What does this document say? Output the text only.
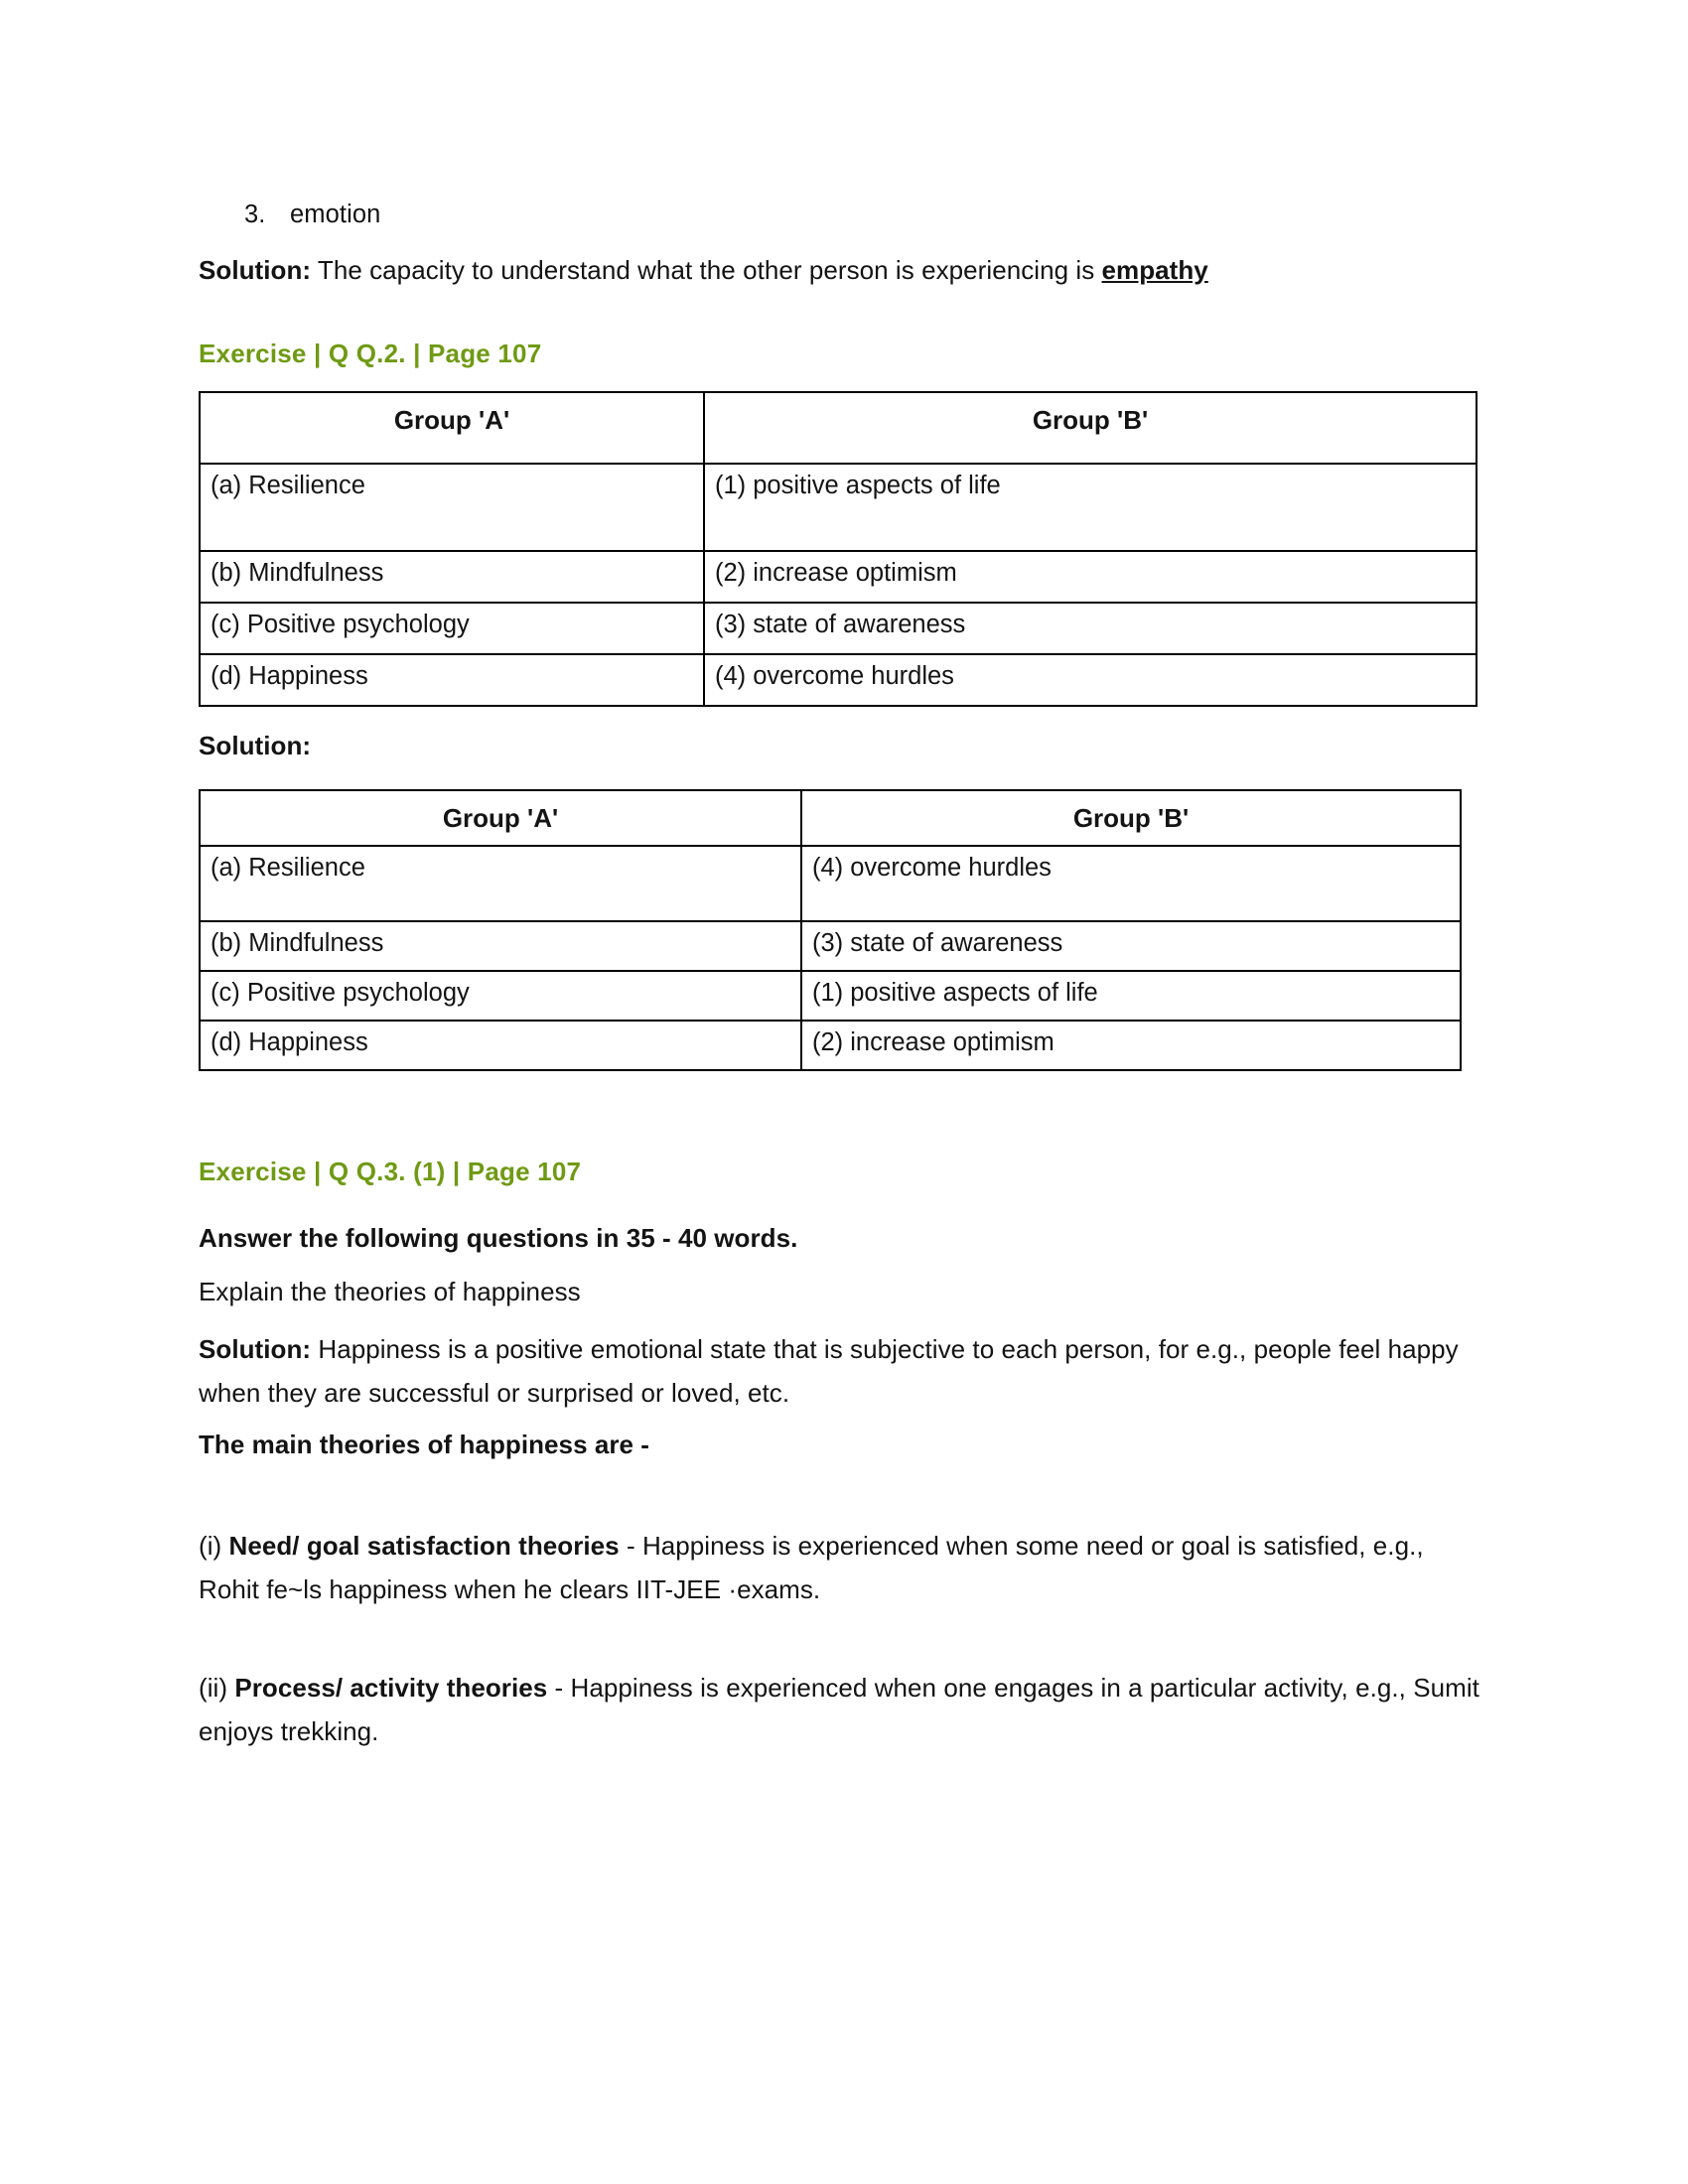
3. emotion

Solution: The capacity to understand what the other person is experiencing is empathy

Exercise | Q Q.2. | Page 107
Group 'A'	Group 'B'
(a) Resilience	(1) positive aspects of life
(b) Mindfulness	(2) increase optimism
(c) Positive psychology	(3) state of awareness
(d) Happiness	(4) overcome hurdles

Solution:

Group 'A'	Group 'B'
(a) Resilience	(4) overcome hurdles
(b) Mindfulness	(3) state of awareness
(c) Positive psychology	(1) positive aspects of life
(d) Happiness	(2) increase optimism
Exercise | Q Q.3. (1) | Page 107

Answer the following questions in 35 - 40 words.

Explain the theories of happiness

Solution: Happiness is a positive emotional state that is subjective to each person, for e.g., people feel happy when they are successful or surprised or loved, etc.

The main theories of happiness are -

(i) Need/ goal satisfaction theories - Happiness is experienced when some need or goal is satisfied, e.g., Rohit fe~ls happiness when he clears IIT-JEE ·exams.

(ii) Process/ activity theories - Happiness is experienced when one engages in a particular activity, e.g., Sumit enjoys trekking.
